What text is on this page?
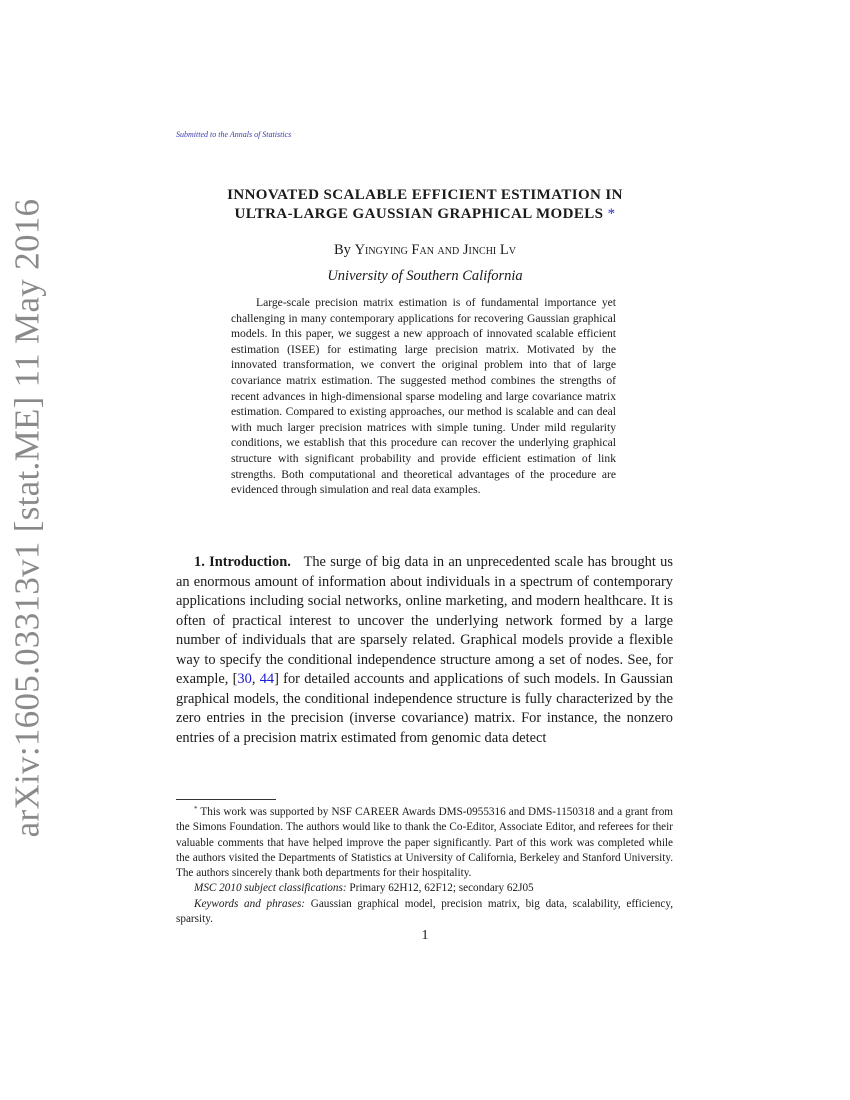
arXiv:1605.03313v1 [stat.ME] 11 May 2016
Submitted to the Annals of Statistics
INNOVATED SCALABLE EFFICIENT ESTIMATION IN
ULTRA-LARGE GAUSSIAN GRAPHICAL MODELS *
By Yingying Fan and Jinchi Lv
University of Southern California

Large-scale precision matrix estimation is of fundamental importance yet challenging in many contemporary applications for recovering Gaussian graphical models. In this paper, we suggest a new approach of innovated scalable efficient estimation (ISEE) for estimating large precision matrix. Motivated by the innovated transformation, we convert the original problem into that of large covariance matrix estimation. The suggested method combines the strengths of recent advances in high-dimensional sparse modeling and large covariance matrix estimation. Compared to existing approaches, our method is scalable and can deal with much larger precision matrices with simple tuning. Under mild regularity conditions, we establish that this procedure can recover the underlying graphical structure with significant probability and provide efficient estimation of link strengths. Both computational and theoretical advantages of the procedure are evidenced through simulation and real data examples.

1. Introduction. The surge of big data in an unprecedented scale has brought us an enormous amount of information about individuals in a spectrum of contemporary applications including social networks, online marketing, and modern healthcare. It is often of practical interest to uncover the underlying network formed by a large number of individuals that are sparsely related. Graphical models provide a flexible way to specify the conditional independence structure among a set of nodes. See, for example, [30, 44] for detailed accounts and applications of such models. In Gaussian graphical models, the conditional independence structure is fully characterized by the zero entries in the precision (inverse covariance) matrix. For instance, the nonzero entries of a precision matrix estimated from genomic data detect

* This work was supported by NSF CAREER Awards DMS-0955316 and DMS-1150318 and a grant from the Simons Foundation. The authors would like to thank the Co-Editor, Associate Editor, and referees for their valuable comments that have helped improve the paper significantly. Part of this work was completed while the authors visited the Departments of Statistics at University of California, Berkeley and Stanford University. The authors sincerely thank both departments for their hospitality.

MSC 2010 subject classifications: Primary 62H12, 62F12; secondary 62J05

Keywords and phrases: Gaussian graphical model, precision matrix, big data, scalability, efficiency, sparsity.

1
